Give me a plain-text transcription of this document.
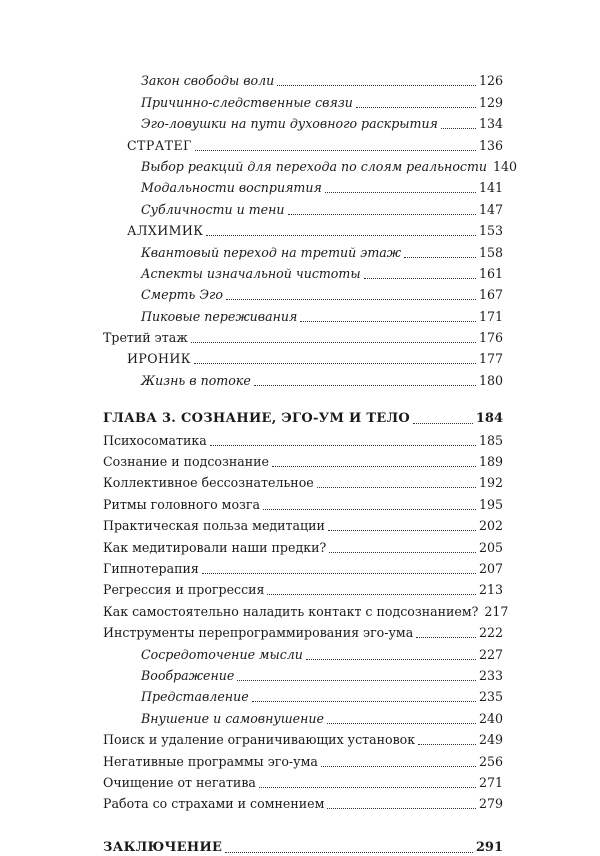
Закон свободы воли	126
Причинно-следственные связи	129
Эго-ловушки на пути духовного раскрытия	134
СТРАТЕГ	136
Выбор реакций для перехода по слоям реальности 140
Модальности восприятия	141
Субличности и тени	147
АЛХИМИК	153
Квантовый переход на третий этаж	158
Аспекты изначальной чистоты	161
Смерть Эго	167
Пиковые переживания	171
Третий этаж	176
ИРОНИК	177
Жизнь в потоке	180
ГЛАВА 3. СОЗНАНИЕ, ЭГО-УМ И ТЕЛО	184
Психосоматика	185
Сознание и подсознание	189
Коллективное бессознательное	192
Ритмы головного мозга	195
Практическая польза медитации	202
Как медитировали наши предки?	205
Гипнотерапия	207
Регрессия и прогрессия	213
Как самостоятельно наладить контакт с подсознанием? 217
Инструменты перепрограммирования эго-ума	222
Сосредоточение мысли	227
Воображение	233
Представление	235
Внушение и самовнушение	240
Поиск и удаление ограничивающих установок	249
Негативные программы эго-ума	256
Очищение от негатива	271
Работа со страхами и сомнением	279
ЗАКЛЮЧЕНИЕ	291
